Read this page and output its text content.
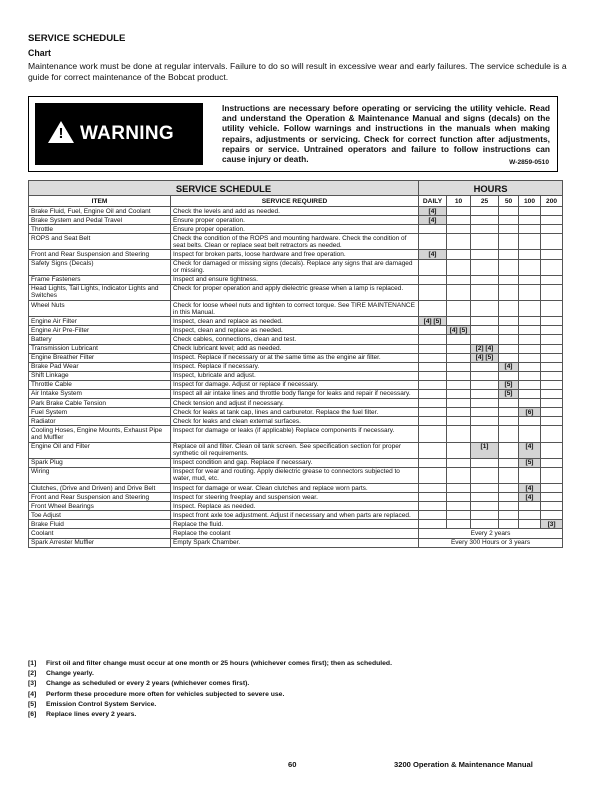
SERVICE SCHEDULE
Chart
Maintenance work must be done at regular intervals. Failure to do so will result in excessive wear and early failures. The service schedule is a guide for correct maintenance of the Bobcat product.
! WARNING
Instructions are necessary before operating or servicing the utility vehicle. Read and understand the Operation & Maintenance Manual and signs (decals) on the utility vehicle. Follow warnings and instructions in the manuals when making repairs, adjustments or servicing. Check for correct function after adjustments, repairs or service. Untrained operators and failure to follow instructions can cause injury or death.	W-2859-0510
SERVICE SCHEDULE		HOURS					
ITEM	SERVICE REQUIRED	DAILY	10	25	50	100	200
Brake Fluid, Fuel, Engine Oil and Coolant	Check the levels and add as needed.	[4]					
Brake System and Pedal Travel	Ensure proper operation.	[4]					
Throttle	Ensure proper operation.						
ROPS and Seat Belt	Check the condition of the ROPS and mounting hardware. Check the condition of seat belts. Clean or replace seat belt retractors as needed.						
Front and Rear Suspension and Steering	Inspect for broken parts, loose hardware and free operation.	[4]					
Safety Signs (Decals)	Check for damaged or missing signs (decals). Replace any signs that are damaged or missing.						
Frame Fasteners	Inspect and ensure tightness.						
Head Lights, Tail Lights, Indicator Lights and Switches	Check for proper operation and apply dielectric grease when a lamp is replaced.						
Wheel Nuts	Check for loose wheel nuts and tighten to correct torque. See TIRE MAINTENANCE in this Manual.						
Engine Air Filter	Inspect, clean and replace as needed.	[4] [5]					
Engine Air Pre-Filter	Inspect, clean and replace as needed.		[4] [5]				
Battery	Check cables, connections, clean and test.						
Transmission Lubricant	Check lubricant level; add as needed.			[2] [4]			
Engine Breather Filter	Inspect. Replace if necessary or at the same time as the engine air filter.			[4] [5]			
Brake Pad Wear	Inspect. Replace if necessary.				[4]		
Shift Linkage	Inspect, lubricate and adjust.						
Throttle Cable	Inspect for damage. Adjust or replace if necessary.				[5]		
Air Intake System	Inspect all air intake lines and throttle body flange for leaks and repair if necessary.				[5]		
Park Brake Cable Tension	Check tension and adjust if necessary.						
Fuel System	Check for leaks at tank cap, lines and carburetor. Replace the fuel filter.					[6]	
Radiator	Check for leaks and clean external surfaces.						
Cooling Hoses, Engine Mounts, Exhaust Pipe and Muffler	Inspect for damage or leaks (if applicable) Replace components if necessary.						
Engine Oil and Filter	Replace oil and filter. Clean oil tank screen. See specification section for proper synthetic oil requirements.			[1]		[4]	
Spark Plug	Inspect condition and gap. Replace if necessary.					[5]	
Wiring	Inspect for wear and routing. Apply dielectric grease to connectors subjected to water, mud, etc.						
Clutches, (Drive and Driven) and Drive Belt	Inspect for damage or wear. Clean clutches and replace worn parts.					[4]	
Front and Rear Suspension and Steering	Inspect for steering freeplay and suspension wear.					[4]	
Front Wheel Bearings	Inspect. Replace as needed.						
Toe Adjust	Inspect front axle toe adjustment. Adjust if necessary and when parts are replaced.						
Brake Fluid	Replace the fluid.						[3]
Coolant	Replace the coolant	Every 2 years					
Spark Arrester Muffler	Empty Spark Chamber.	Every 300 Hours or 3 years					
[1] First oil and filter change must occur at one month or 25 hours (whichever comes first); then as scheduled.
[2] Change yearly.
[3] Change as scheduled or every 2 years (whichever comes first).
[4] Perform these procedure more often for vehicles subjected to severe use.
[5] Emission Control System Service.
[6] Replace lines every 2 years.
60	3200 Operation & Maintenance Manual
